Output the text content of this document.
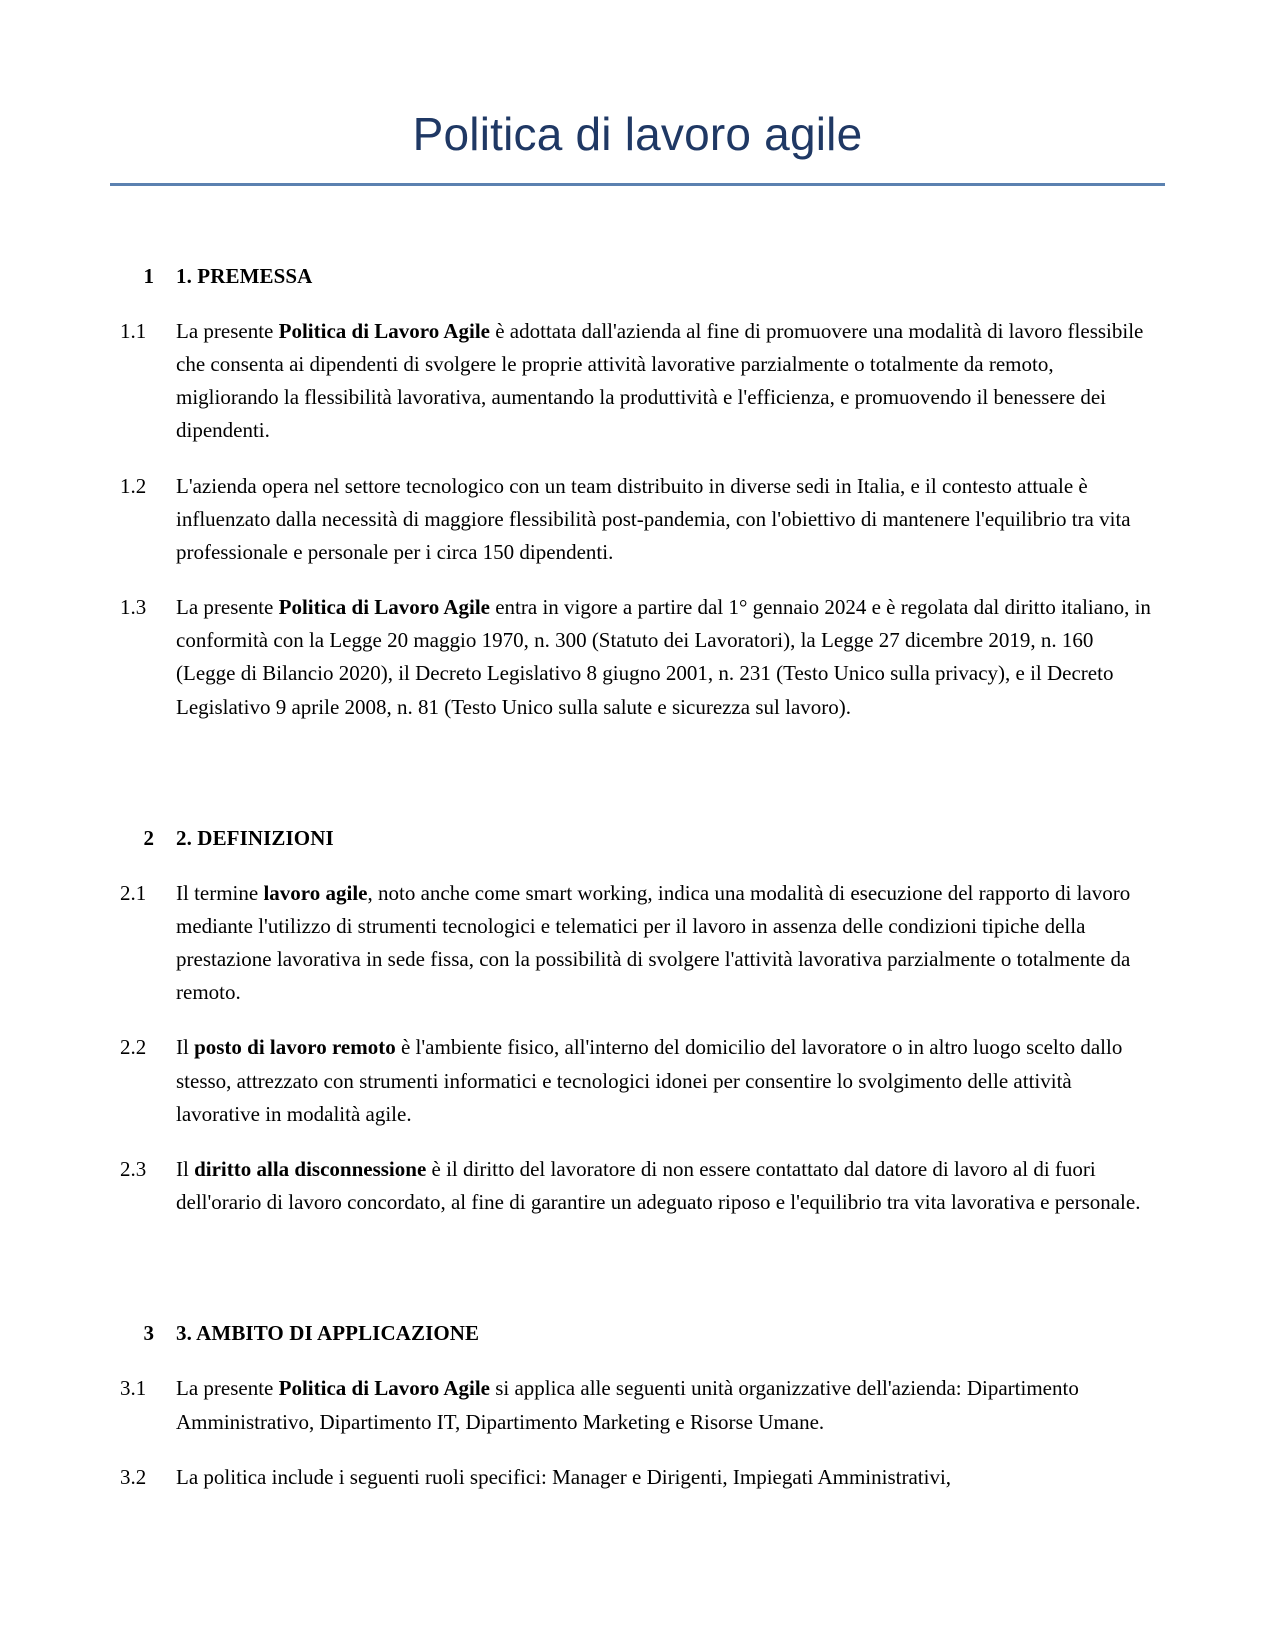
Politica di lavoro agile
1	1. PREMESSA
1.1	La presente Politica di Lavoro Agile è adottata dall'azienda al fine di promuovere una modalità di lavoro flessibile che consenta ai dipendenti di svolgere le proprie attività lavorative parzialmente o totalmente da remoto, migliorando la flessibilità lavorativa, aumentando la produttività e l'efficienza, e promuovendo il benessere dei dipendenti.
1.2	L'azienda opera nel settore tecnologico con un team distribuito in diverse sedi in Italia, e il contesto attuale è influenzato dalla necessità di maggiore flessibilità post-pandemia, con l'obiettivo di mantenere l'equilibrio tra vita professionale e personale per i circa 150 dipendenti.
1.3	La presente Politica di Lavoro Agile entra in vigore a partire dal 1° gennaio 2024 e è regolata dal diritto italiano, in conformità con la Legge 20 maggio 1970, n. 300 (Statuto dei Lavoratori), la Legge 27 dicembre 2019, n. 160 (Legge di Bilancio 2020), il Decreto Legislativo 8 giugno 2001, n. 231 (Testo Unico sulla privacy), e il Decreto Legislativo 9 aprile 2008, n. 81 (Testo Unico sulla salute e sicurezza sul lavoro).
2	2. DEFINIZIONI
2.1	Il termine lavoro agile, noto anche come smart working, indica una modalità di esecuzione del rapporto di lavoro mediante l'utilizzo di strumenti tecnologici e telematici per il lavoro in assenza delle condizioni tipiche della prestazione lavorativa in sede fissa, con la possibilità di svolgere l'attività lavorativa parzialmente o totalmente da remoto.
2.2	Il posto di lavoro remoto è l'ambiente fisico, all'interno del domicilio del lavoratore o in altro luogo scelto dallo stesso, attrezzato con strumenti informatici e tecnologici idonei per consentire lo svolgimento delle attività lavorative in modalità agile.
2.3	Il diritto alla disconnessione è il diritto del lavoratore di non essere contattato dal datore di lavoro al di fuori dell'orario di lavoro concordato, al fine di garantire un adeguato riposo e l'equilibrio tra vita lavorativa e personale.
3	3. AMBITO DI APPLICAZIONE
3.1	La presente Politica di Lavoro Agile si applica alle seguenti unità organizzative dell'azienda: Dipartimento Amministrativo, Dipartimento IT, Dipartimento Marketing e Risorse Umane.
3.2	La politica include i seguenti ruoli specifici: Manager e Dirigenti, Impiegati Amministrativi,
